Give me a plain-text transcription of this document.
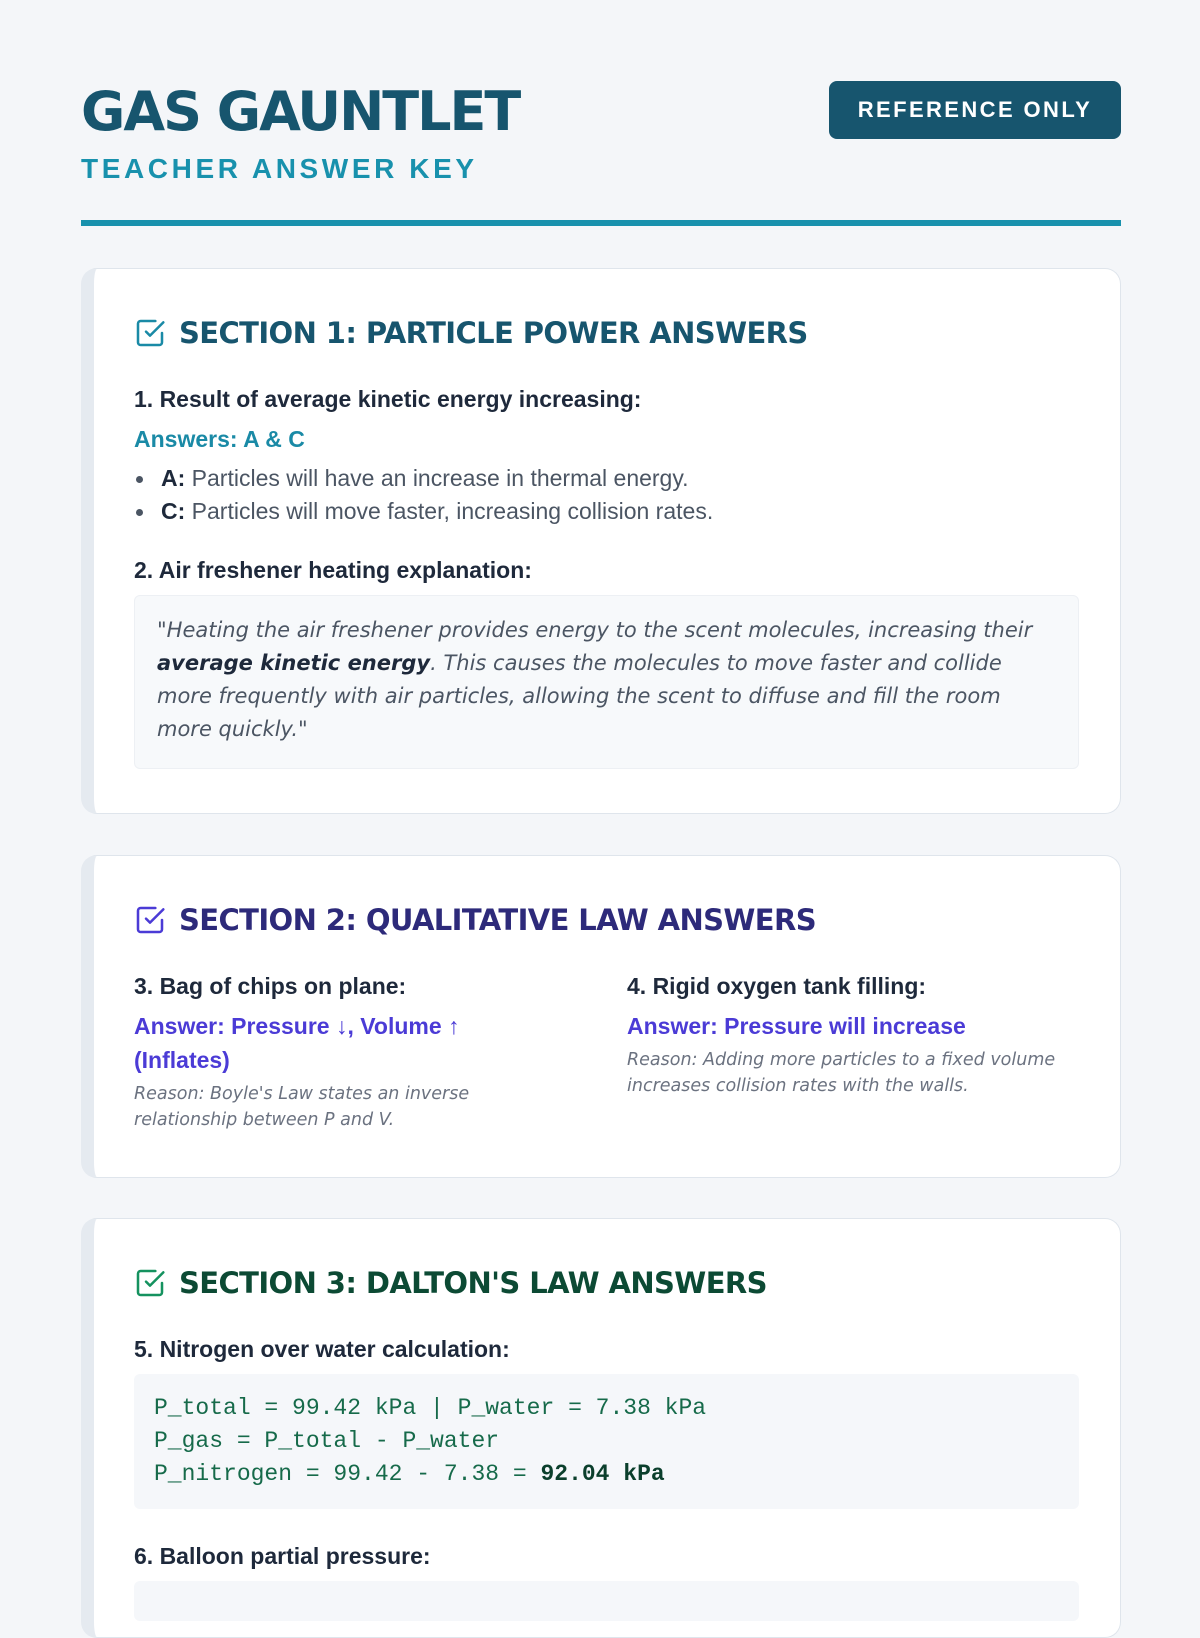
GAS GAUNTLET
TEACHER ANSWER KEY
REFERENCE ONLY
SECTION 1: PARTICLE POWER ANSWERS

1. Result of average kinetic energy increasing:

Answers: A & C

A: Particles will have an increase in thermal energy.
C: Particles will move faster, increasing collision rates.

2. Air freshener heating explanation:

"Heating the air freshener provides energy to the scent molecules, increasing their average kinetic energy. This causes the molecules to move faster and collide more frequently with air particles, allowing the scent to diffuse and fill the room more quickly."
SECTION 2: QUALITATIVE LAW ANSWERS

3. Bag of chips on plane:

Answer: Pressure ↓, Volume ↑ (Inflates)

Reason: Boyle's Law states an inverse relationship between P and V.

4. Rigid oxygen tank filling:

Answer: Pressure will increase

Reason: Adding more particles to a fixed volume increases collision rates with the walls.

SECTION 3: DALTON'S LAW ANSWERS

5. Nitrogen over water calculation:

P_total = 99.42 kPa | P_water = 7.38 kPa
P_gas = P_total - P_water
P_nitrogen = 99.42 - 7.38 = 92.04 kPa

6. Balloon partial pressure:
